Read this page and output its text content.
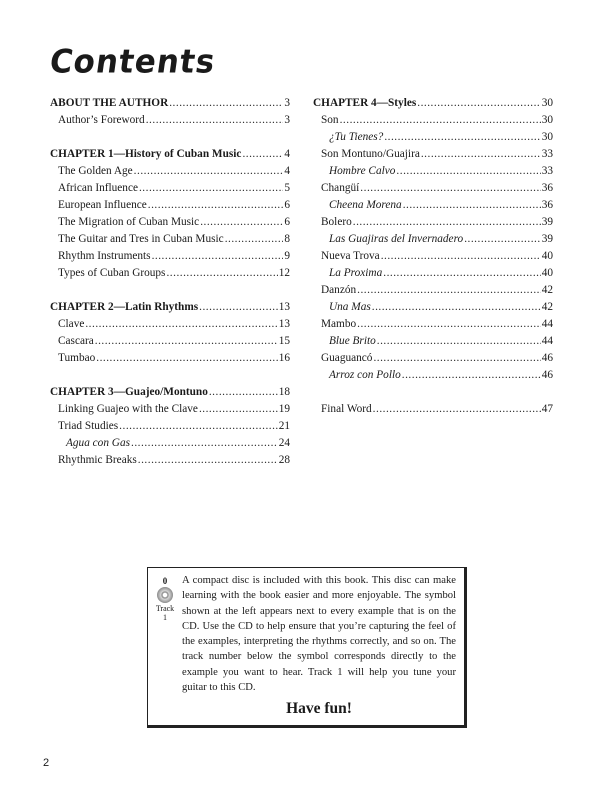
Contents
ABOUT THE AUTHOR .....	3
Author’s Foreword .....	3
CHAPTER 1—History of Cuban Music .....	4
The Golden Age .....	4
African Influence .....	5
European Influence .....	6
The Migration of Cuban Music .....	6
The Guitar and Tres in Cuban Music .....	8
Rhythm Instruments .....	9
Types of Cuban Groups .....	12
CHAPTER 2—Latin Rhythms .....	13
Clave .....	13
Cascara .....	15
Tumbao .....	16
CHAPTER 3—Guajeo/Montuno .....	18
Linking Guajeo with the Clave .....	19
Triad Studies .....	21
Agua con Gas .....	24
Rhythmic Breaks .....	28
CHAPTER 4—Styles .....	30
Son .....	30
¿Tu Tienes? .....	30
Son Montuno/Guajira .....	33
Hombre Calvo .....	33
Changüí .....	36
Cheena Morena .....	36
Bolero .....	39
Las Guajiras del Invernadero .....	39
Nueva Trova .....	40
La Proxima .....	40
Danzón .....	42
Una Mas .....	42
Mambo .....	44
Blue Brito .....	44
Guaguancó .....	46
Arroz con Pollo .....	46
Final Word .....	47
0
Track
1
A compact disc is included with this book. This disc can make learning with the book easier and more enjoyable. The symbol shown at the left appears next to every example that is on the CD. Use the CD to help ensure that you’re capturing the feel of the examples, interpreting the rhythms correctly, and so on. The track number below the symbol corresponds directly to the example you want to hear. Track 1 will help you tune your guitar to this CD.
Have fun!
2
